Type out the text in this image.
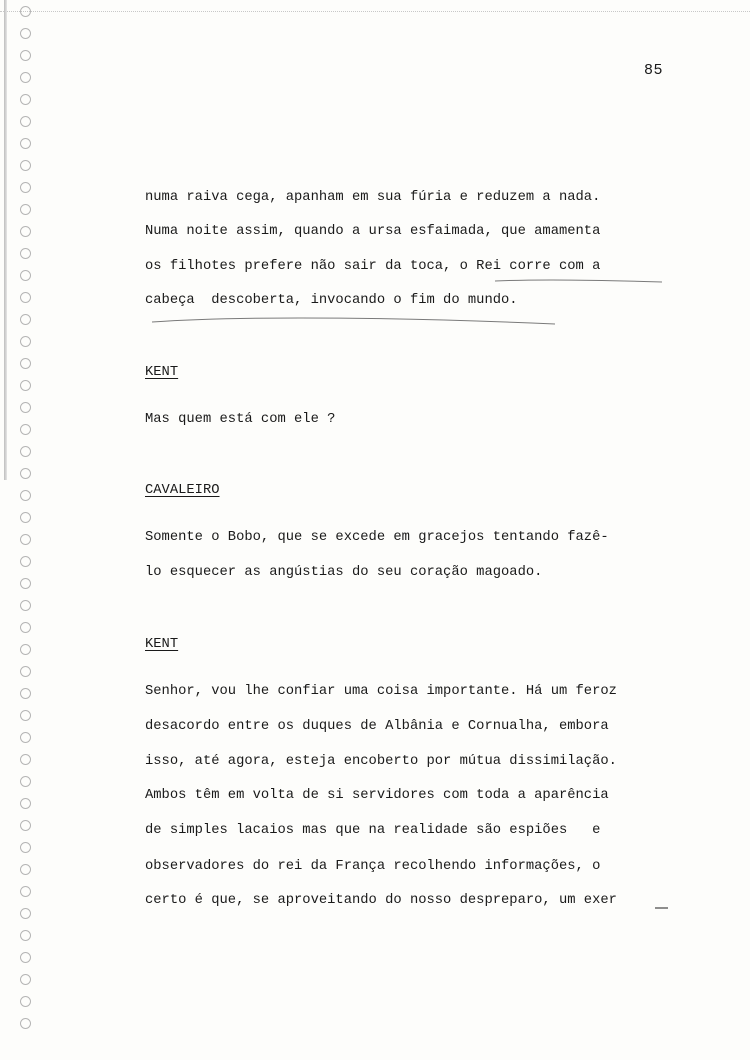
85
numa raiva cega, apanham em sua fúria e reduzem a nada.
Numa noite assim, quando a ursa esfaimada, que amamenta
os filhotes prefere não sair da toca, o Rei corre com a
cabeça  descoberta, invocando o fim do mundo.
KENT
Mas quem está com ele ?
CAVALEIRO
Somente o Bobo, que se excede em gracejos tentando fazê-
lo esquecer as angústias do seu coração magoado.
KENT
Senhor, vou lhe confiar uma coisa importante. Há um feroz
desacordo entre os duques de Albânia e Cornualha, embora
isso, até agora, esteja encoberto por mútua dissimilação.
Ambos têm em volta de si servidores com toda a aparência
de simples lacaios mas que na realidade são espiões   e
observadores do rei da França recolhendo informações, o
certo é que, se aproveitando do nosso despreparo, um exer
